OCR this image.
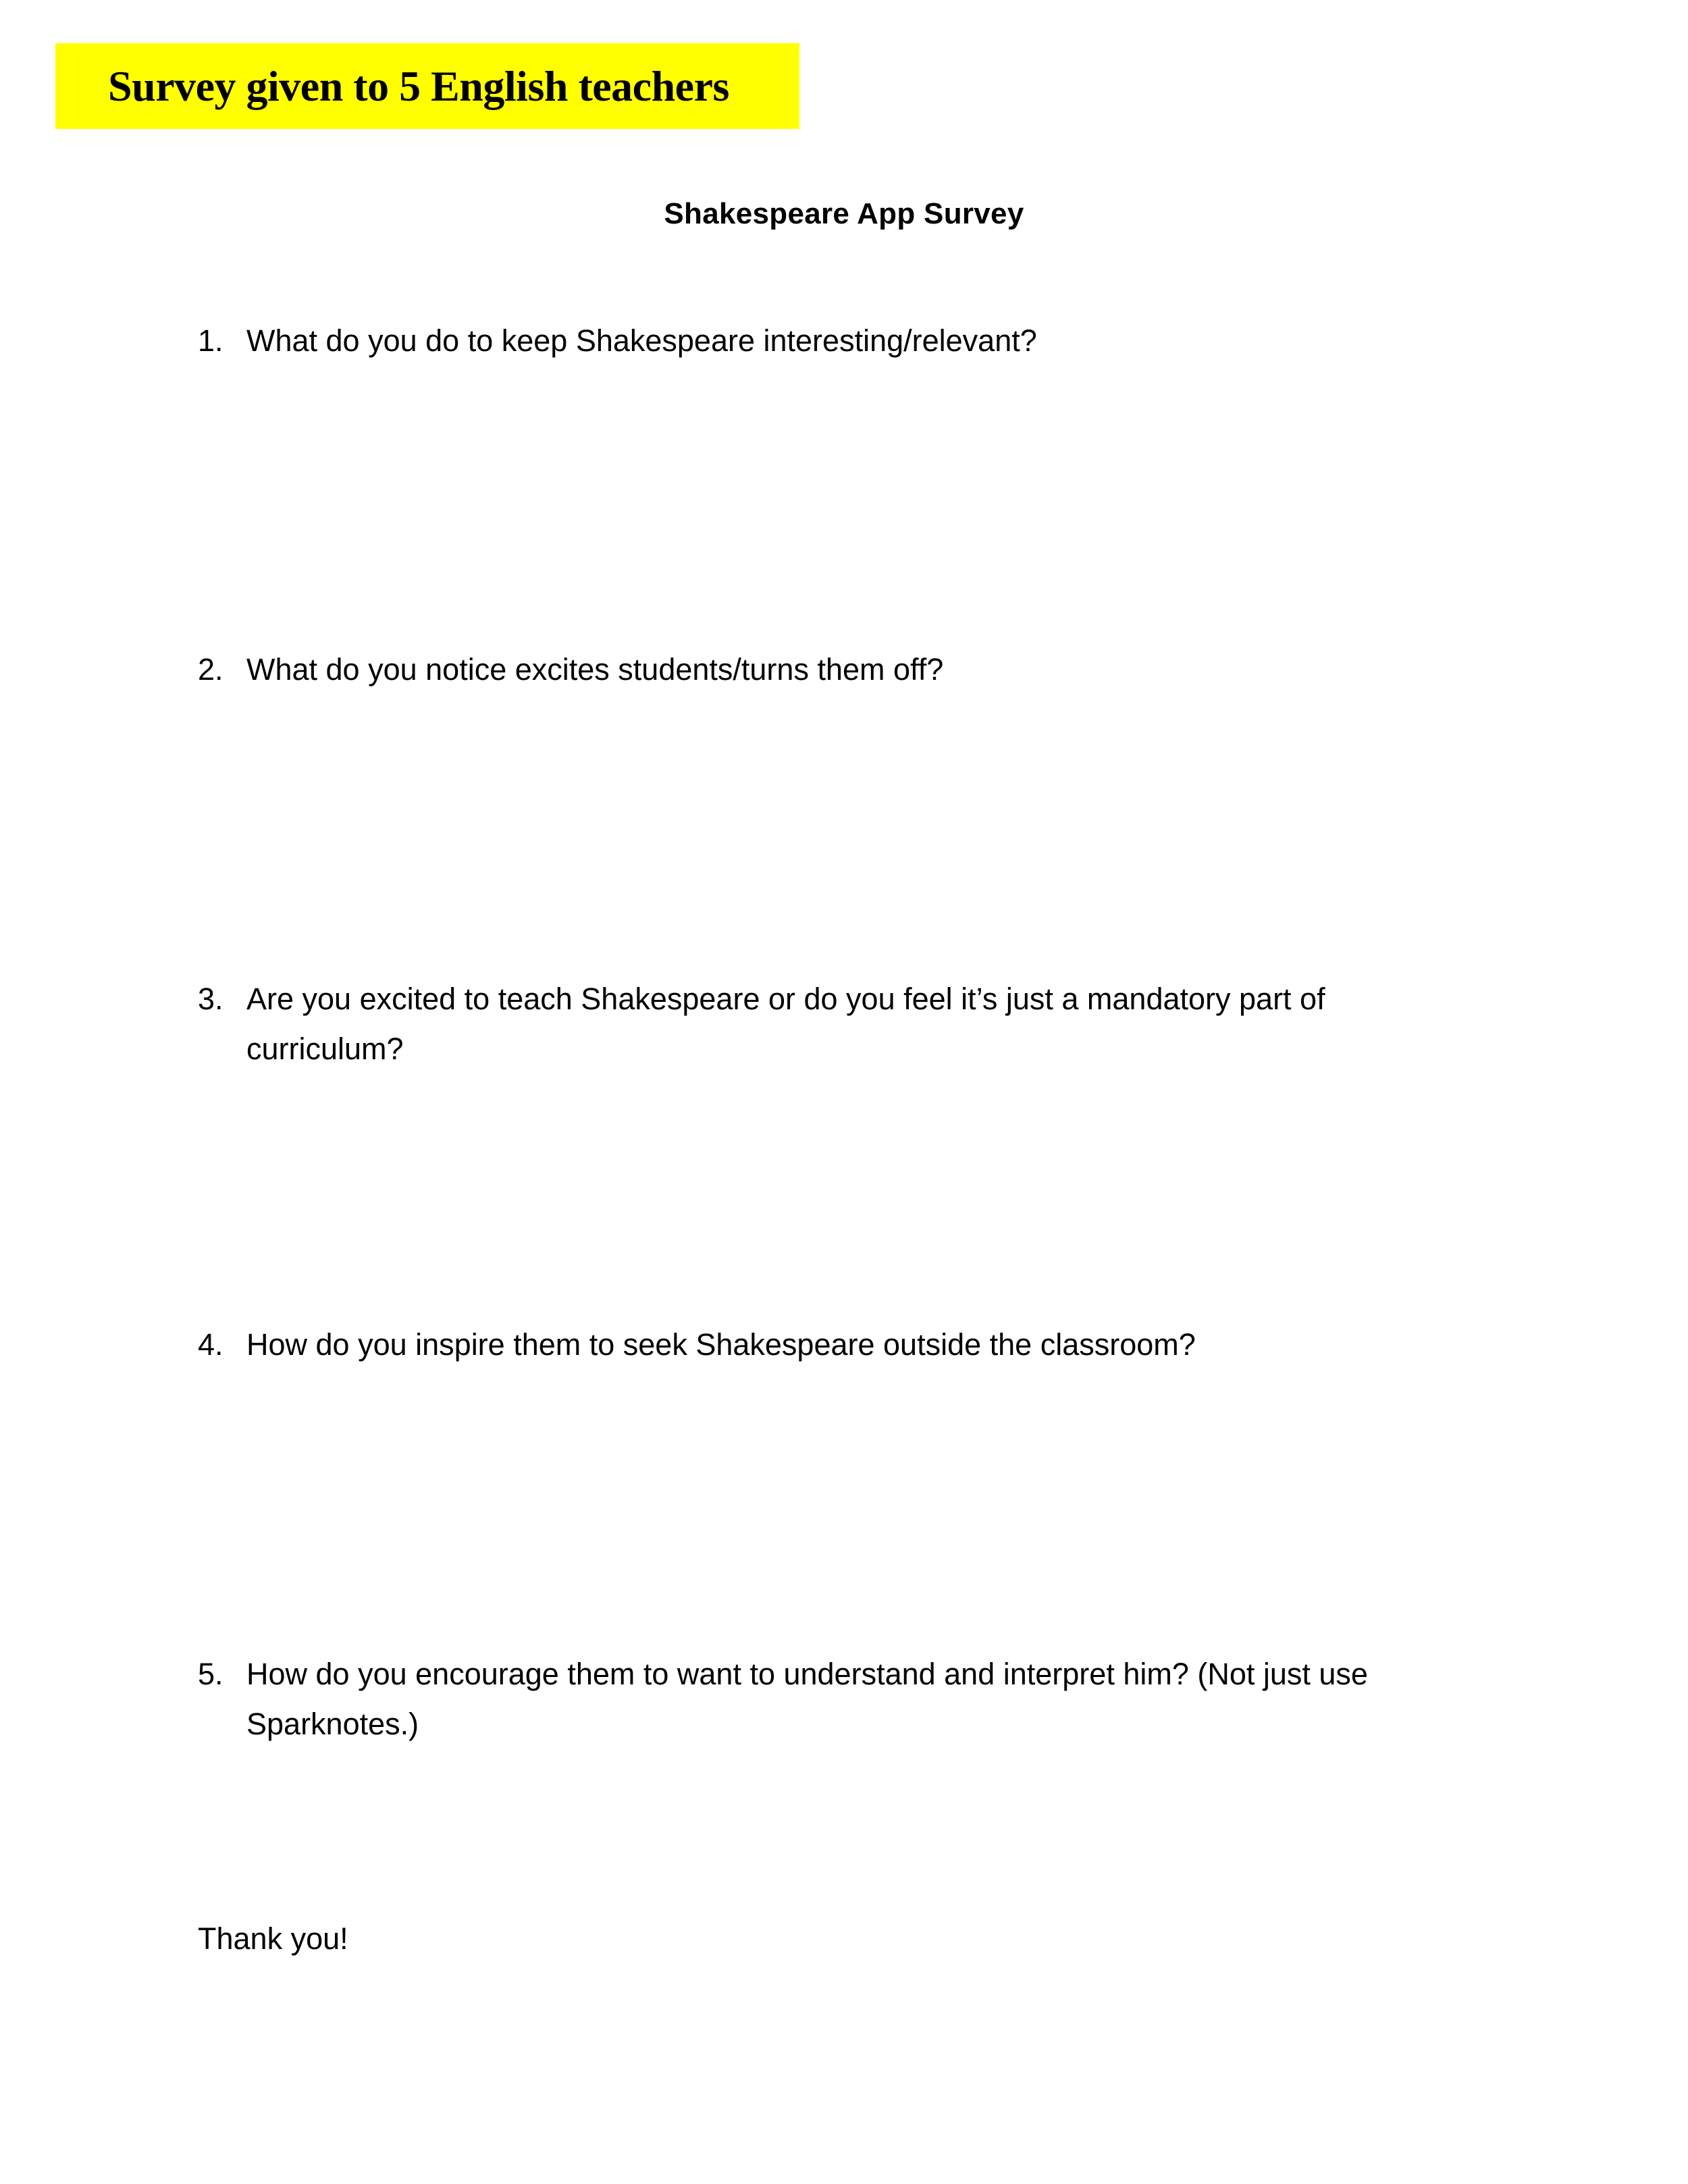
Survey given to 5 English teachers
Shakespeare App Survey
1. What do you do to keep Shakespeare interesting/relevant?
2. What do you notice excites students/turns them off?
3. Are you excited to teach Shakespeare or do you feel it’s just a mandatory part of curriculum?
4. How do you inspire them to seek Shakespeare outside the classroom?
5. How do you encourage them to want to understand and interpret him? (Not just use Sparknotes.)
Thank you!
